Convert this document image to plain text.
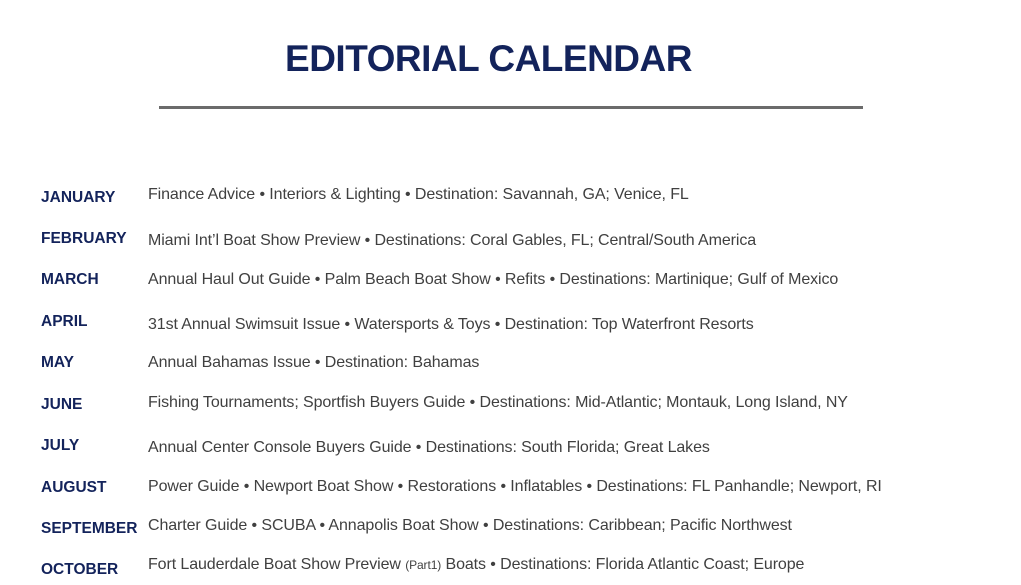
EDITORIAL CALENDAR
JANUARY Finance Advice • Interiors & Lighting • Destination: Savannah, GA; Venice, FL
FEBRUARY Miami Int’l Boat Show Preview • Destinations: Coral Gables, FL; Central/South America
MARCH	Annual Haul Out Guide • Palm Beach Boat Show • Refits • Destinations: Martinique; Gulf of Mexico
APRIL	31st Annual Swimsuit Issue • Watersports & Toys • Destination: Top Waterfront Resorts
MAY	Annual Bahamas Issue • Destination: Bahamas
JUNE	Fishing Tournaments; Sportfish Buyers Guide • Destinations: Mid-Atlantic; Montauk, Long Island, NY
JULY	Annual Center Console Buyers Guide • Destinations: South Florida; Great Lakes
AUGUST	Power Guide • Newport Boat Show • Restorations • Inflatables • Destinations: FL Panhandle; Newport, RI
SEPTEMBER Charter Guide • SCUBA • Annapolis Boat Show • Destinations: Caribbean; Pacific Northwest
OCTOBER Fort Lauderdale Boat Show Preview (Part1) Boats • Destinations: Florida Atlantic Coast; Europe
